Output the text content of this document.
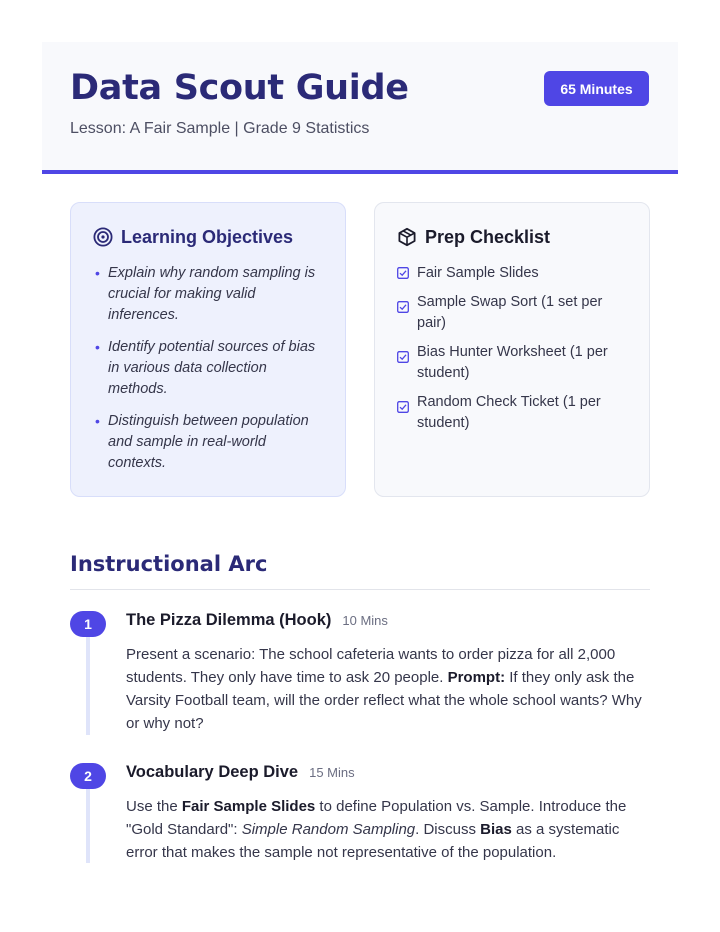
Data Scout Guide
Lesson: A Fair Sample | Grade 9 Statistics
65 Minutes
Learning Objectives
• Explain why random sampling is crucial for making valid inferences.
• Identify potential sources of bias in various data collection methods.
• Distinguish between population and sample in real-world contexts.
Prep Checklist
Fair Sample Slides
Sample Swap Sort (1 set per pair)
Bias Hunter Worksheet (1 per student)
Random Check Ticket (1 per student)
Instructional Arc
1	The Pizza Dilemma (Hook) 10 Mins
Present a scenario: The school cafeteria wants to order pizza for all 2,000 students. They only have time to ask 20 people. Prompt: If they only ask the Varsity Football team, will the order reflect what the whole school wants? Why or why not?
2	Vocabulary Deep Dive 15 Mins
Use the Fair Sample Slides to define Population vs. Sample. Introduce the "Gold Standard": Simple Random Sampling. Discuss Bias as a systematic error that makes the sample not representative of the population.
